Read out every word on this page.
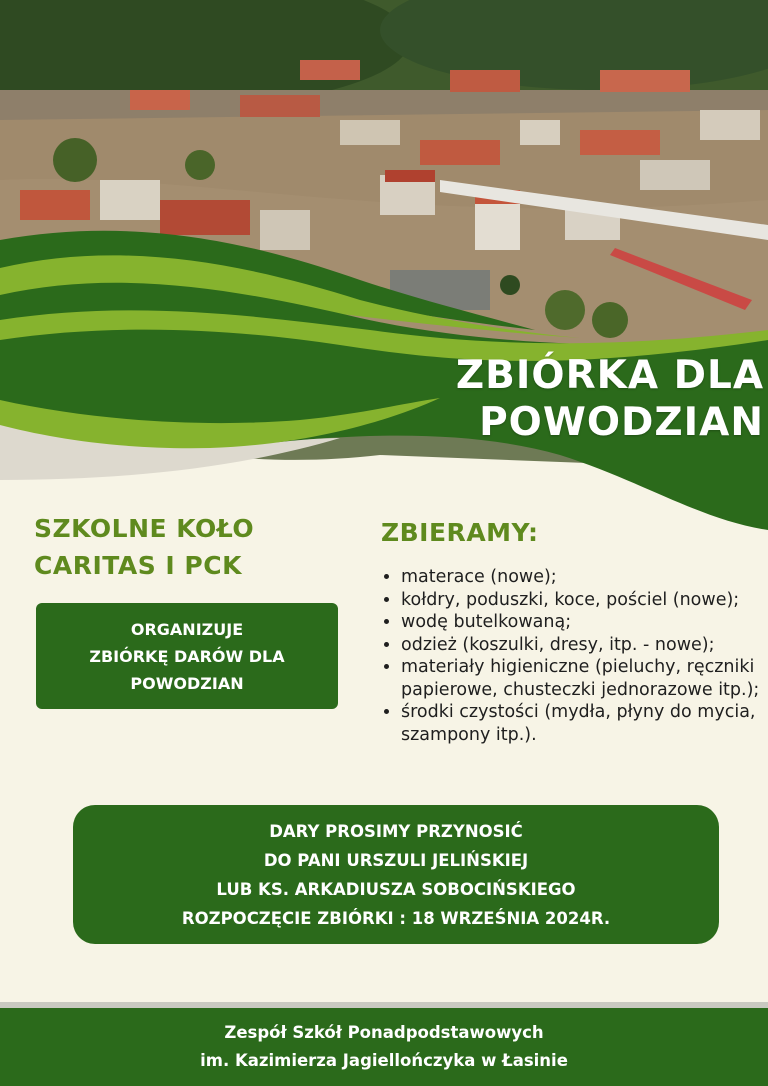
ZBIÓRKA DLA
POWODZIAN
SZKOLNE KOŁO
CARITAS I PCK
ORGANIZUJE
ZBIÓRKĘ DARÓW DLA
POWODZIAN
ZBIERAMY:
• materace (nowe);
• kołdry, poduszki, koce, pościel (nowe);
• wodę butelkowaną;
• odzież (koszulki, dresy, itp. - nowe);
• materiały higieniczne (pieluchy, ręczniki papierowe, chusteczki jednorazowe itp.);
• środki czystości (mydła, płyny do mycia, szampony itp.).
DARY PROSIMY PRZYNOSIĆ
DO PANI URSZULI JELIŃSKIEJ
LUB KS. ARKADIUSZA SOBOCIŃSKIEGO
ROZPOCZĘCIE ZBIÓRKI : 18 WRZEŚNIA 2024R.
Zespół Szkół Ponadpodstawowych
im. Kazimierza Jagiellończyka w Łasinie
